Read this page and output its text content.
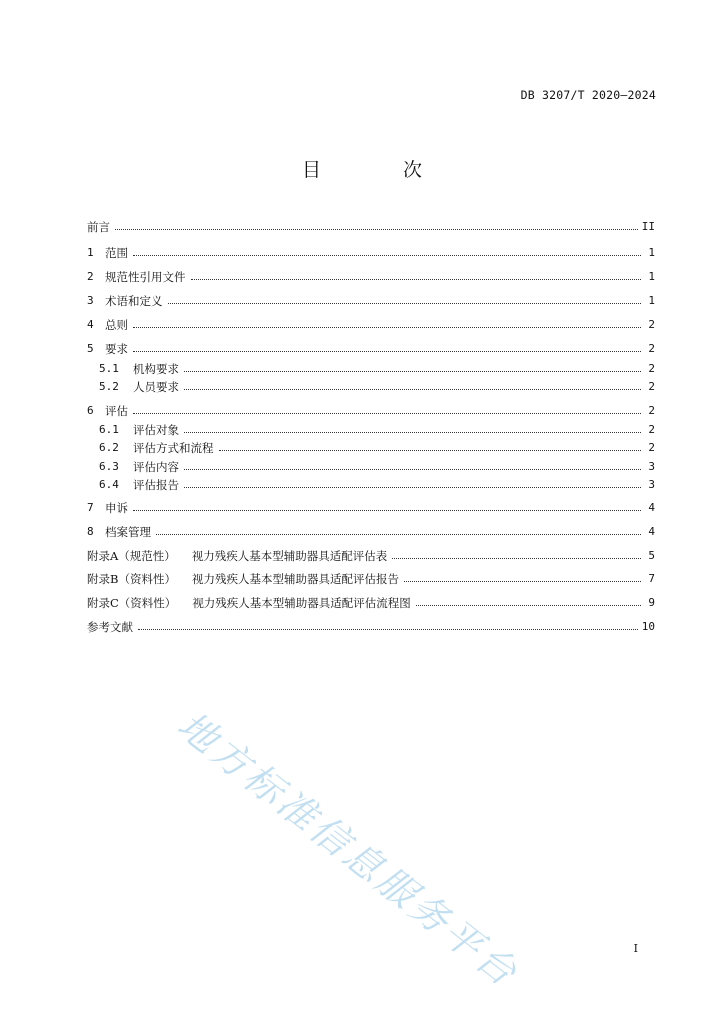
DB 3207/T 2020—2024
目 次
前言	II
1 范围	1
2 规范性引用文件	1
3 术语和定义	1
4 总则	2
5 要求	2
5.1	机构要求	2
5.2	人员要求	2
6 评估	2
6.1	评估对象	2
6.2	评估方式和流程	2
6.3	评估内容	3
6.4	评估报告	3
7 申诉	4
8 档案管理	4
附录A（规范性） 视力残疾人基本型辅助器具适配评估表	5
附录B（资料性） 视力残疾人基本型辅助器具适配评估报告	7
附录C（资料性） 视力残疾人基本型辅助器具适配评估流程图	9
参考文献	10
地方标准信息服务平台	I
